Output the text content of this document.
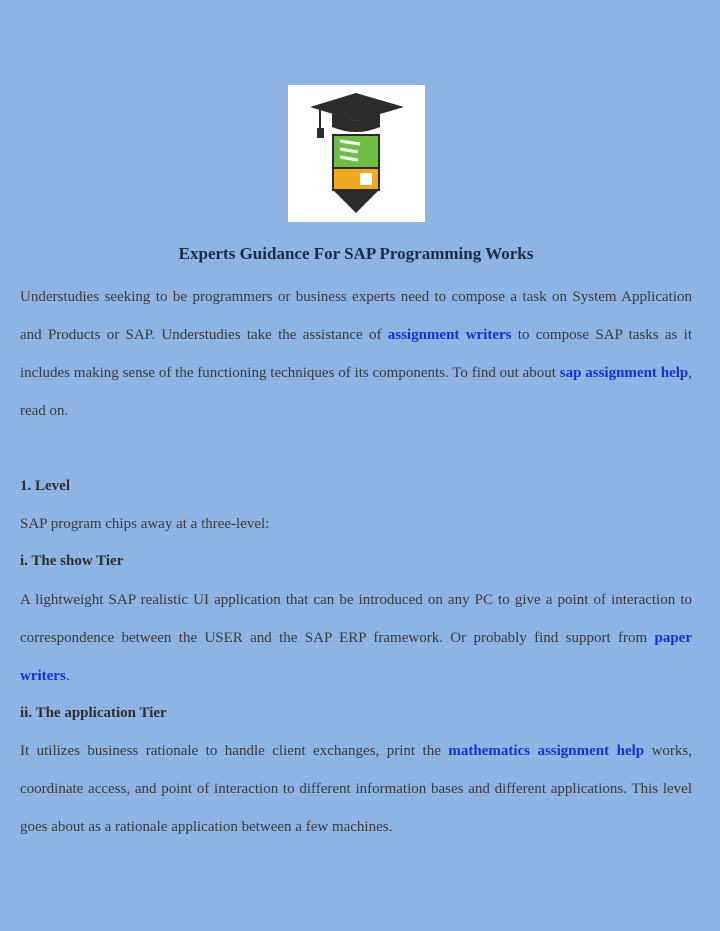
Experts Guidance For SAP Programming Works

Understudies seeking to be programmers or business experts need to compose a task on System Application and Products or SAP. Understudies take the assistance of assignment writers to compose SAP tasks as it includes making sense of the functioning techniques of its components. To find out about sap assignment help, read on.

1. Level

SAP program chips away at a three-level:

i. The show Tier

A lightweight SAP realistic UI application that can be introduced on any PC to give a point of interaction to correspondence between the USER and the SAP ERP framework. Or probably find support from paper writers.

ii. The application Tier

It utilizes business rationale to handle client exchanges, print the mathematics assignment help works, coordinate access, and point of interaction to different information bases and different applications. This level goes about as a rationale application between a few machines.
